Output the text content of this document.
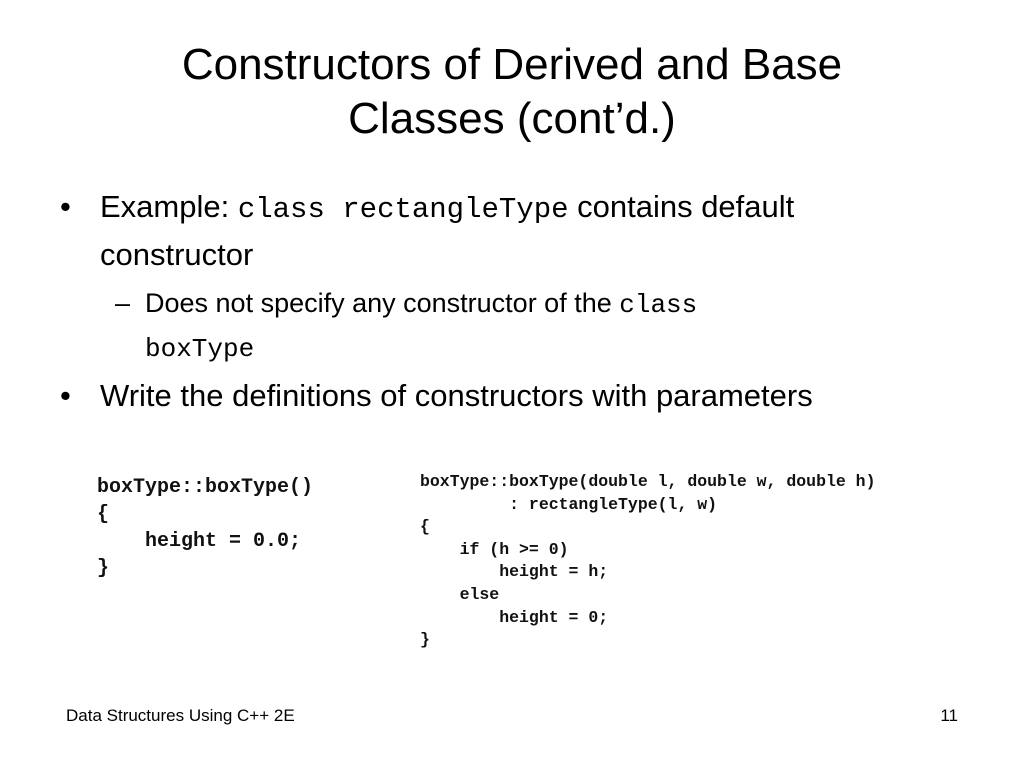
Constructors of Derived and Base
Classes (cont’d.)
• Example: class rectangleType contains default
constructor
– Does not specify any constructor of the class
boxType
• Write the definitions of constructors with parameters
boxType::boxType()
{
height = 0.0;
}
boxType::boxType(double l, double w, double h)
: rectangleType(l, w)
{
if (h >= 0)
height = h;
else
height = 0;
}
Data Structures Using C++ 2E	11
